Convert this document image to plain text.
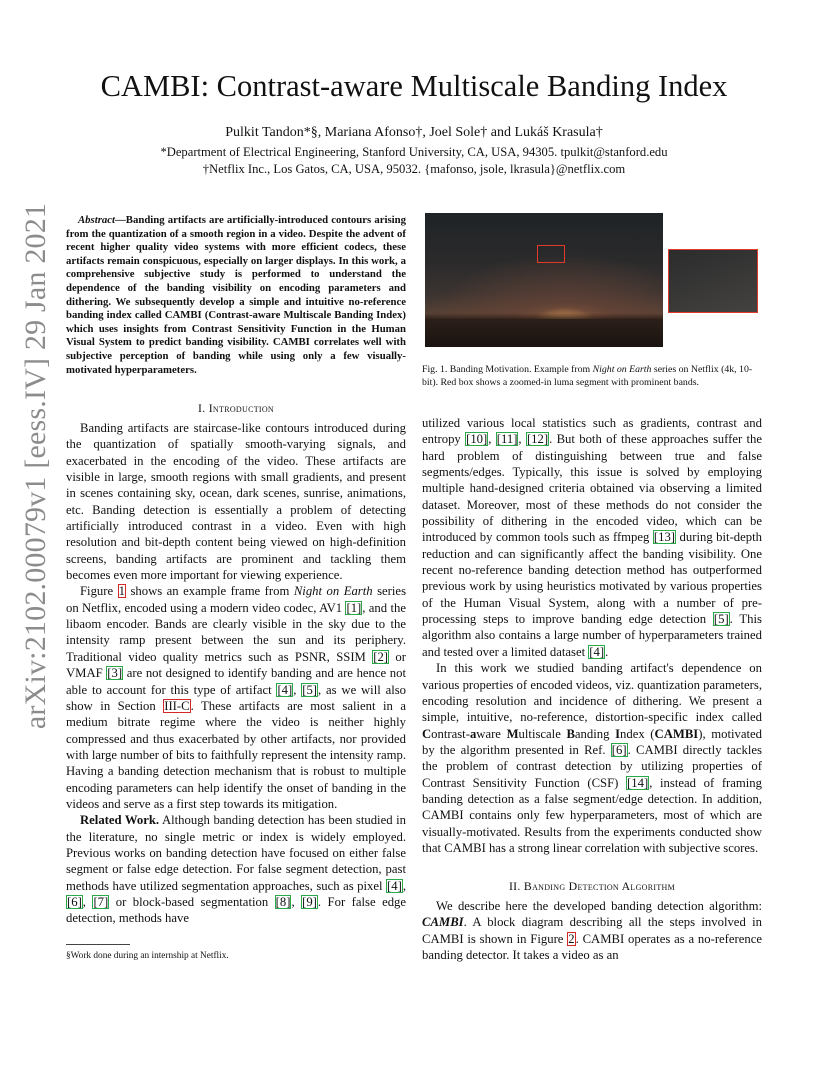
arXiv:2102.00079v1 [eess.IV] 29 Jan 2021
CAMBI: Contrast-aware Multiscale Banding Index
Pulkit Tandon*§, Mariana Afonso†, Joel Sole† and Lukáš Krasula†
*Department of Electrical Engineering, Stanford University, CA, USA, 94305. tpulkit@stanford.edu
†Netflix Inc., Los Gatos, CA, USA, 95032. {mafonso, jsole, lkrasula}@netflix.com
Abstract—Banding artifacts are artificially-introduced contours arising from the quantization of a smooth region in a video. Despite the advent of recent higher quality video systems with more efficient codecs, these artifacts remain conspicuous, especially on larger displays. In this work, a comprehensive subjective study is performed to understand the dependence of the banding visibility on encoding parameters and dithering. We subsequently develop a simple and intuitive no-reference banding index called CAMBI (Contrast-aware Multiscale Banding Index) which uses insights from Contrast Sensitivity Function in the Human Visual System to predict banding visibility. CAMBI correlates well with subjective perception of banding while using only a few visually-motivated hyperparameters.
I. Introduction

Banding artifacts are staircase-like contours introduced during the quantization of spatially smooth-varying signals, and exacerbated in the encoding of the video. These artifacts are visible in large, smooth regions with small gradients, and present in scenes containing sky, ocean, dark scenes, sunrise, animations, etc. Banding detection is essentially a problem of detecting artificially introduced contrast in a video. Even with high resolution and bit-depth content being viewed on high-definition screens, banding artifacts are prominent and tackling them becomes even more important for viewing experience.

Figure 1 shows an example frame from Night on Earth series on Netflix, encoded using a modern video codec, AV1 [1], and the libaom encoder. Bands are clearly visible in the sky due to the intensity ramp present between the sun and its periphery. Traditional video quality metrics such as PSNR, SSIM [2] or VMAF [3] are not designed to identify banding and are hence not able to account for this type of artifact [4], [5], as we will also show in Section III-C. These artifacts are most salient in a medium bitrate regime where the video is neither highly compressed and thus exacerbated by other artifacts, nor provided with large number of bits to faithfully represent the intensity ramp. Having a banding detection mechanism that is robust to multiple encoding parameters can help identify the onset of banding in the videos and serve as a first step towards its mitigation.

Related Work. Although banding detection has been studied in the literature, no single metric or index is widely employed. Previous works on banding detection have focused on either false segment or false edge detection. For false segment detection, past methods have utilized segmentation approaches, such as pixel [4], [6], [7] or block-based segmentation [8], [9]. For false edge detection, methods have

§Work done during an internship at Netflix.
Fig. 1. Banding Motivation. Example from Night on Earth series on Netflix (4k, 10-bit). Red box shows a zoomed-in luma segment with prominent bands.

utilized various local statistics such as gradients, contrast and entropy [10], [11], [12]. But both of these approaches suffer the hard problem of distinguishing between true and false segments/edges. Typically, this issue is solved by employing multiple hand-designed criteria obtained via observing a limited dataset. Moreover, most of these methods do not consider the possibility of dithering in the encoded video, which can be introduced by common tools such as ffmpeg [13] during bit-depth reduction and can significantly affect the banding visibility. One recent no-reference banding detection method has outperformed previous work by using heuristics motivated by various properties of the Human Visual System, along with a number of pre-processing steps to improve banding edge detection [5]. This algorithm also contains a large number of hyperparameters trained and tested over a limited dataset [4].

In this work we studied banding artifact's dependence on various properties of encoded videos, viz. quantization parameters, encoding resolution and incidence of dithering. We present a simple, intuitive, no-reference, distortion-specific index called Contrast-aware Multiscale Banding Index (CAMBI), motivated by the algorithm presented in Ref. [6]. CAMBI directly tackles the problem of contrast detection by utilizing properties of Contrast Sensitivity Function (CSF) [14], instead of framing banding detection as a false segment/edge detection. In addition, CAMBI contains only few hyperparameters, most of which are visually-motivated. Results from the experiments conducted show that CAMBI has a strong linear correlation with subjective scores.

II. Banding Detection Algorithm

We describe here the developed banding detection algorithm: CAMBI. A block diagram describing all the steps involved in CAMBI is shown in Figure 2. CAMBI operates as a no-reference banding detector. It takes a video as an
